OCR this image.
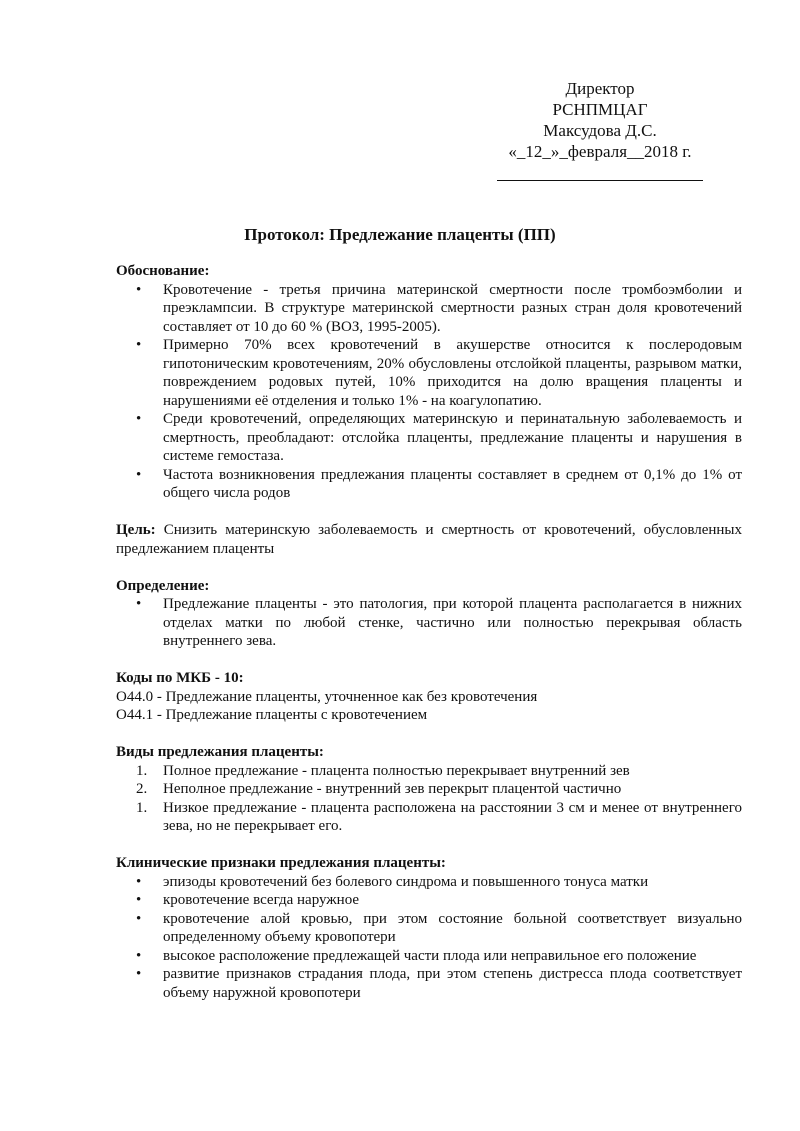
Директор
РСНПМЦАГ
Максудова Д.С.
«_12_»_февраля__2018 г.
Протокол: Предлежание плаценты (ПП)
Обоснование:
• Кровотечение - третья причина материнской смертности после тромбоэмболии и преэклампсии. В структуре материнской смертности разных стран доля кровотечений составляет от 10 до 60 % (ВОЗ, 1995-2005).
• Примерно 70% всех кровотечений в акушерстве относится к послеродовым гипотоническим кровотечениям, 20% обусловлены отслойкой плаценты, разрывом матки, повреждением родовых путей, 10% приходится на долю вращения плаценты и нарушениями её отделения и только 1% - на коагулопатию.
• Среди кровотечений, определяющих материнскую и перинатальную заболеваемость и смертность, преобладают: отслойка плаценты, предлежание плаценты и нарушения в системе гемостаза.
• Частота возникновения предлежания плаценты составляет в среднем от 0,1% до 1% от общего числа родов

Цель: Снизить материнскую заболеваемость и смертность от кровотечений, обусловленных предлежанием плаценты

Определение:
• Предлежание плаценты - это патология, при которой плацента располагается в нижних отделах матки по любой стенке, частично или полностью перекрывая область внутреннего зева.
Коды по МКБ - 10:
О44.0 - Предлежание плаценты, уточненное как без кровотечения
О44.1 - Предлежание плаценты с кровотечением
Виды предлежания плаценты:
1. Полное предлежание - плацента полностью перекрывает внутренний зев
2. Неполное предлежание - внутренний зев перекрыт плацентой частично
1. Низкое предлежание - плацента расположена на расстоянии 3 см и менее от внутреннего зева, но не перекрывает его.
Клинические признаки предлежания плаценты:
• эпизоды кровотечений без болевого синдрома и повышенного тонуса матки
• кровотечение всегда наружное
• кровотечение алой кровью, при этом состояние больной соответствует визуально определенному объему кровопотери
• высокое расположение предлежащей части плода или неправильное его положение
• развитие признаков страдания плода, при этом степень дистресса плода соответствует объему наружной кровопотери
